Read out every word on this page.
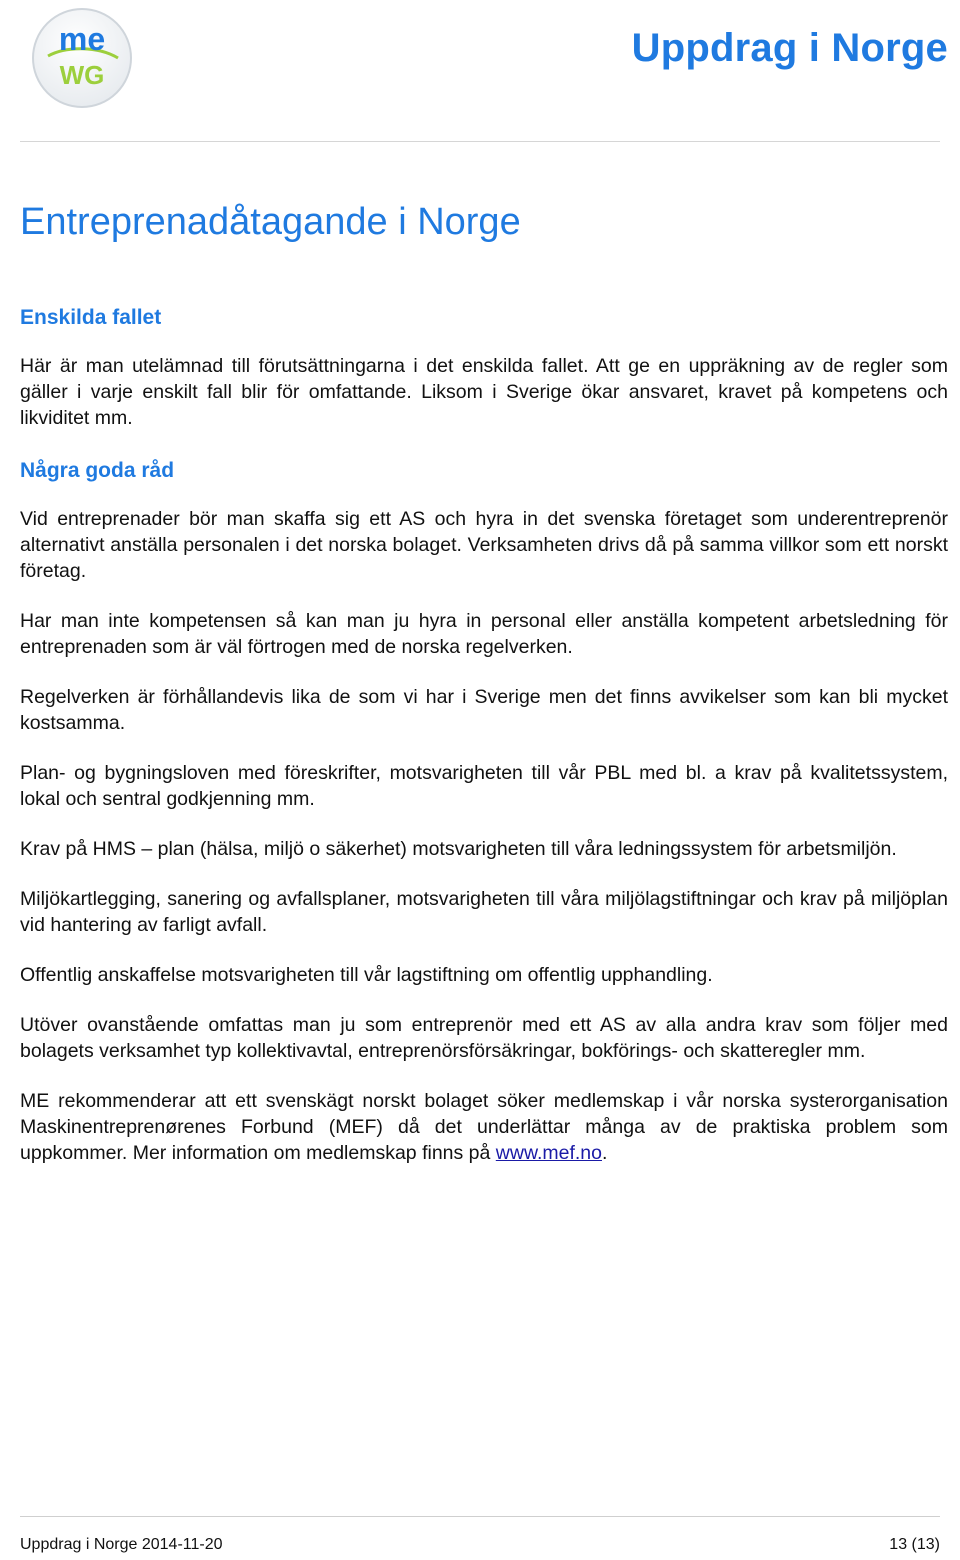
me
WG
Uppdrag i Norge
Entreprenadåtagande i Norge
Enskilda fallet

Här är man utelämnad till förutsättningarna i det enskilda fallet. Att ge en uppräkning av de regler som gäller i varje enskilt fall blir för omfattande. Liksom i Sverige ökar ansvaret, kravet på kompetens och likviditet mm.

Några goda råd

Vid entreprenader bör man skaffa sig ett AS och hyra in det svenska företaget som underentreprenör alternativt anställa personalen i det norska bolaget. Verksamheten drivs då på samma villkor som ett norskt företag.

Har man inte kompetensen så kan man ju hyra in personal eller anställa kompetent arbetsledning för entreprenaden som är väl förtrogen med de norska regelverken.

Regelverken är förhållandevis lika de som vi har i Sverige men det finns avvikelser som kan bli mycket kostsamma.

Plan- og bygningsloven med föreskrifter, motsvarigheten till vår PBL med bl. a krav på kvalitetssystem, lokal och sentral godkjenning mm.

Krav på HMS – plan (hälsa, miljö o säkerhet) motsvarigheten till våra ledningssystem för arbetsmiljön.

Miljökartlegging, sanering og avfallsplaner, motsvarigheten till våra miljölagstiftningar och krav på miljöplan vid hantering av farligt avfall.

Offentlig anskaffelse motsvarigheten till vår lagstiftning om offentlig upphandling.

Utöver ovanstående omfattas man ju som entreprenör med ett AS av alla andra krav som följer med bolagets verksamhet typ kollektivavtal, entreprenörsförsäkringar, bokförings- och skatteregler mm.

ME rekommenderar att ett svenskägt norskt bolaget söker medlemskap i vår norska systerorganisation Maskinentreprenørenes Forbund (MEF) då det underlättar många av de praktiska problem som uppkommer. Mer information om medlemskap finns på www.mef.no.

Uppdrag i Norge 2014-11-20	13 (13)
